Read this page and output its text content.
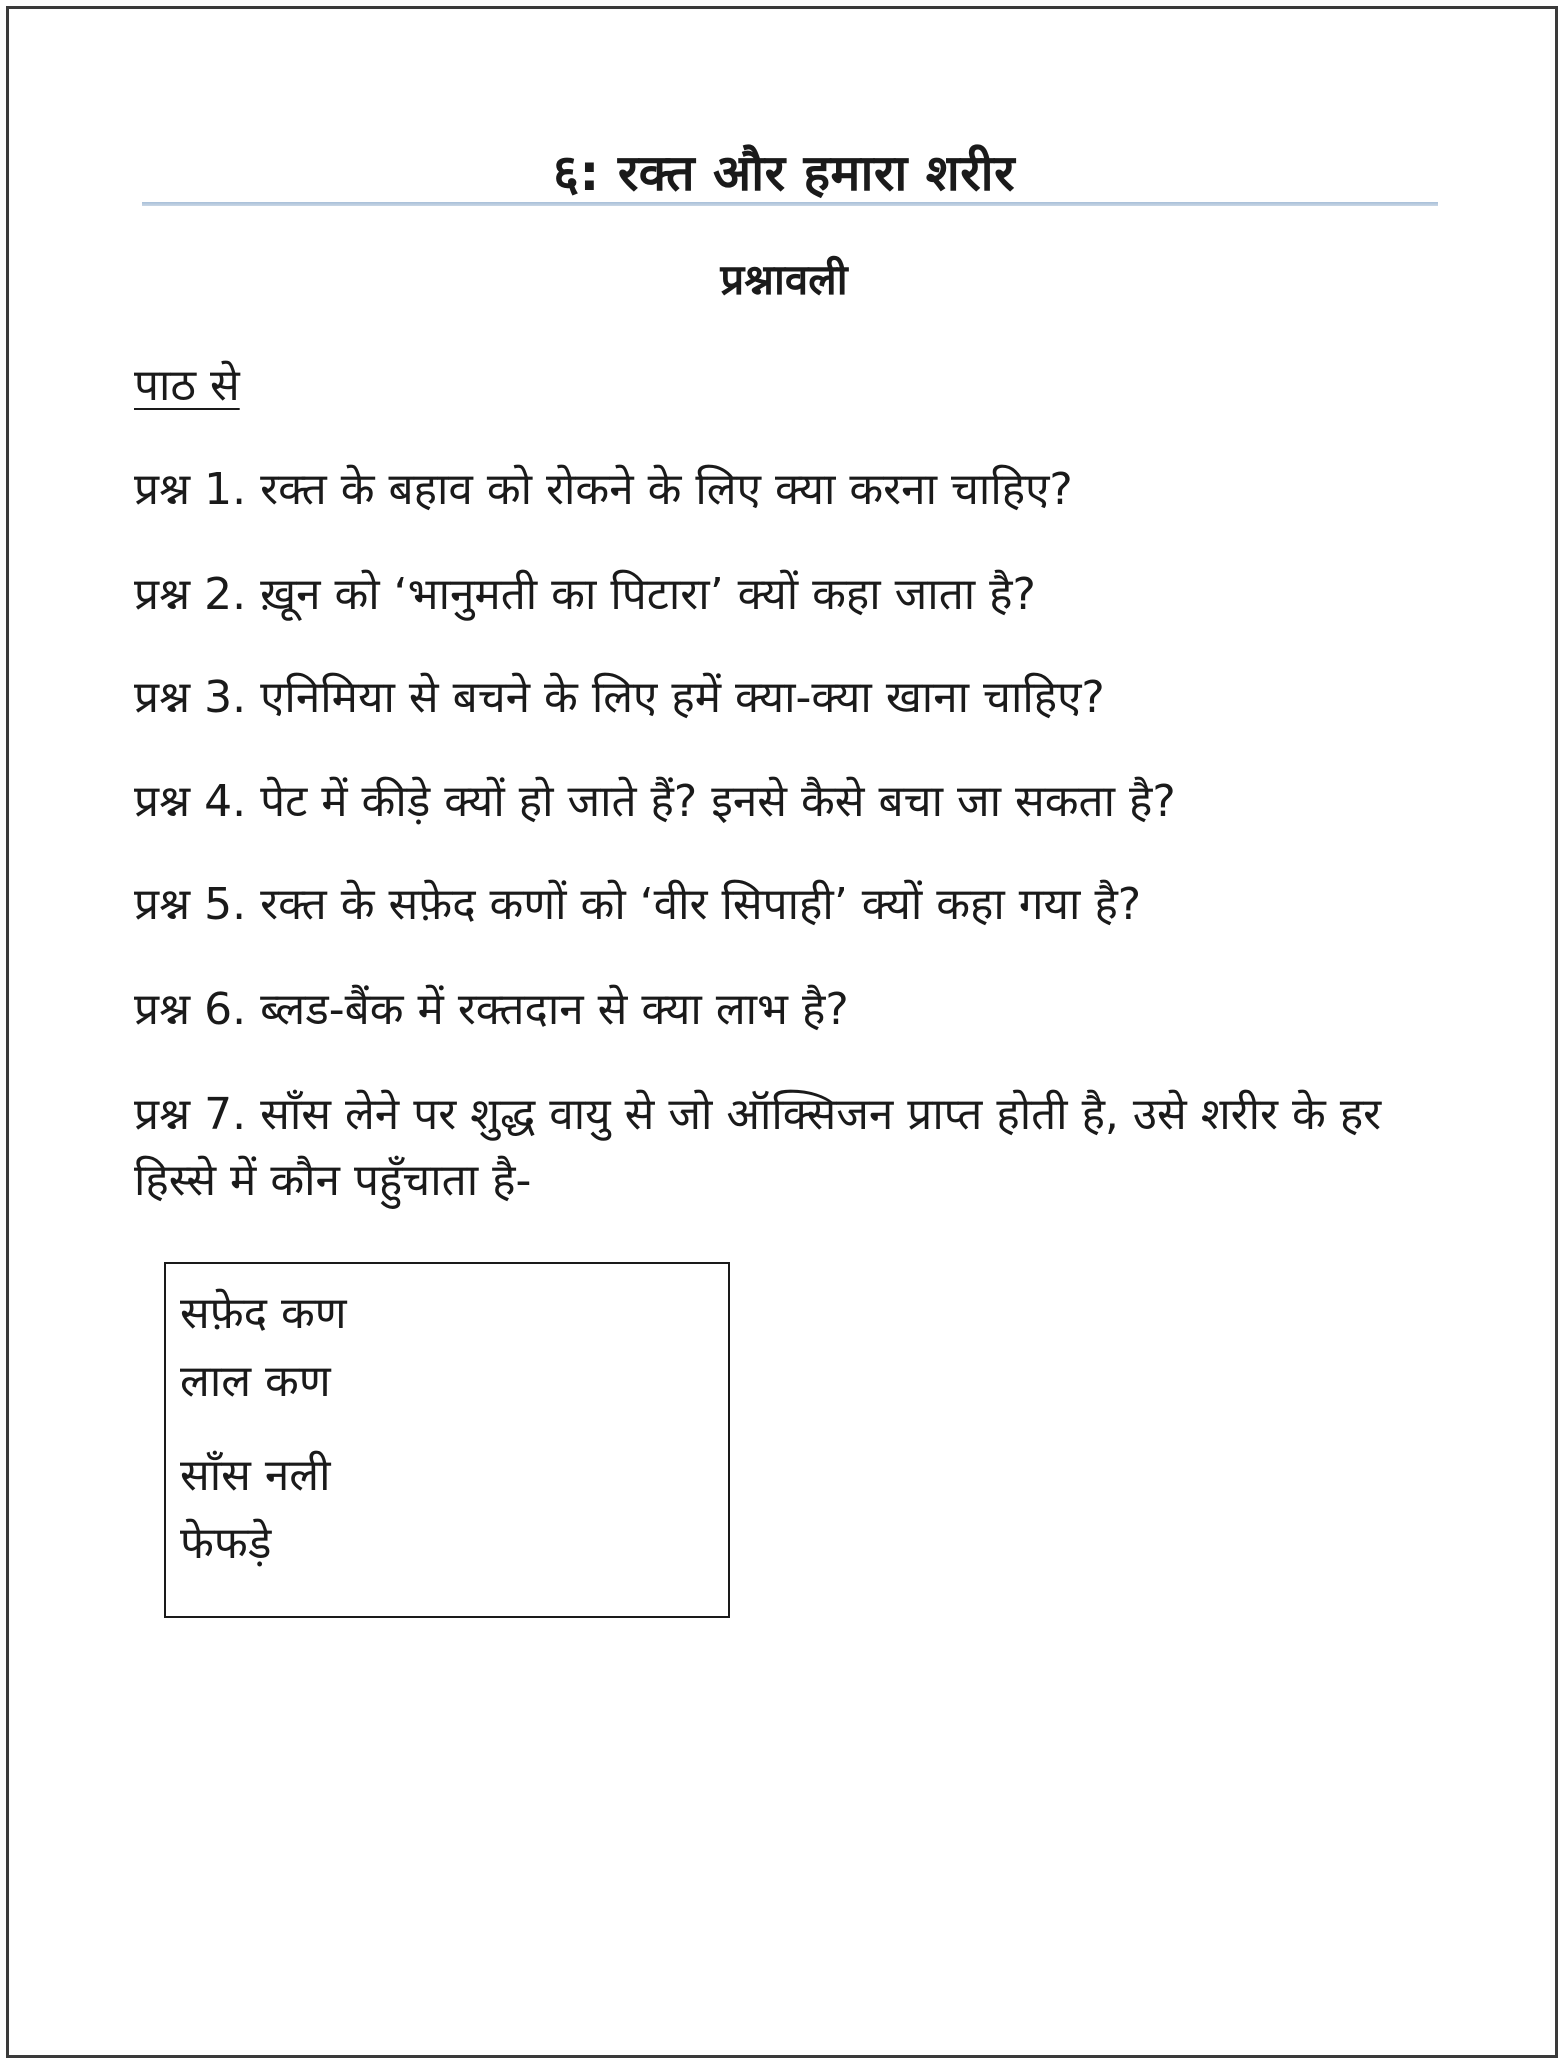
६: रक्त और हमारा शरीर
प्रश्नावली
पाठ से

प्रश्न 1. रक्त के बहाव को रोकने के लिए क्या करना चाहिए?

प्रश्न 2. ख़ून को ‘भानुमती का पिटारा’ क्यों कहा जाता है?

प्रश्न 3. एनिमिया से बचने के लिए हमें क्या-क्या खाना चाहिए?

प्रश्न 4. पेट में कीड़े क्यों हो जाते हैं? इनसे कैसे बचा जा सकता है?

प्रश्न 5. रक्त के सफ़ेद कणों को ‘वीर सिपाही’ क्यों कहा गया है?

प्रश्न 6. ब्लड-बैंक में रक्तदान से क्या लाभ है?

प्रश्न 7. साँस लेने पर शुद्ध वायु से जो ऑक्सिजन प्राप्त होती है, उसे शरीर के हर हिस्से में कौन पहुँचाता है-

सफ़ेद कण
लाल कण
साँस नली
फेफड़े
